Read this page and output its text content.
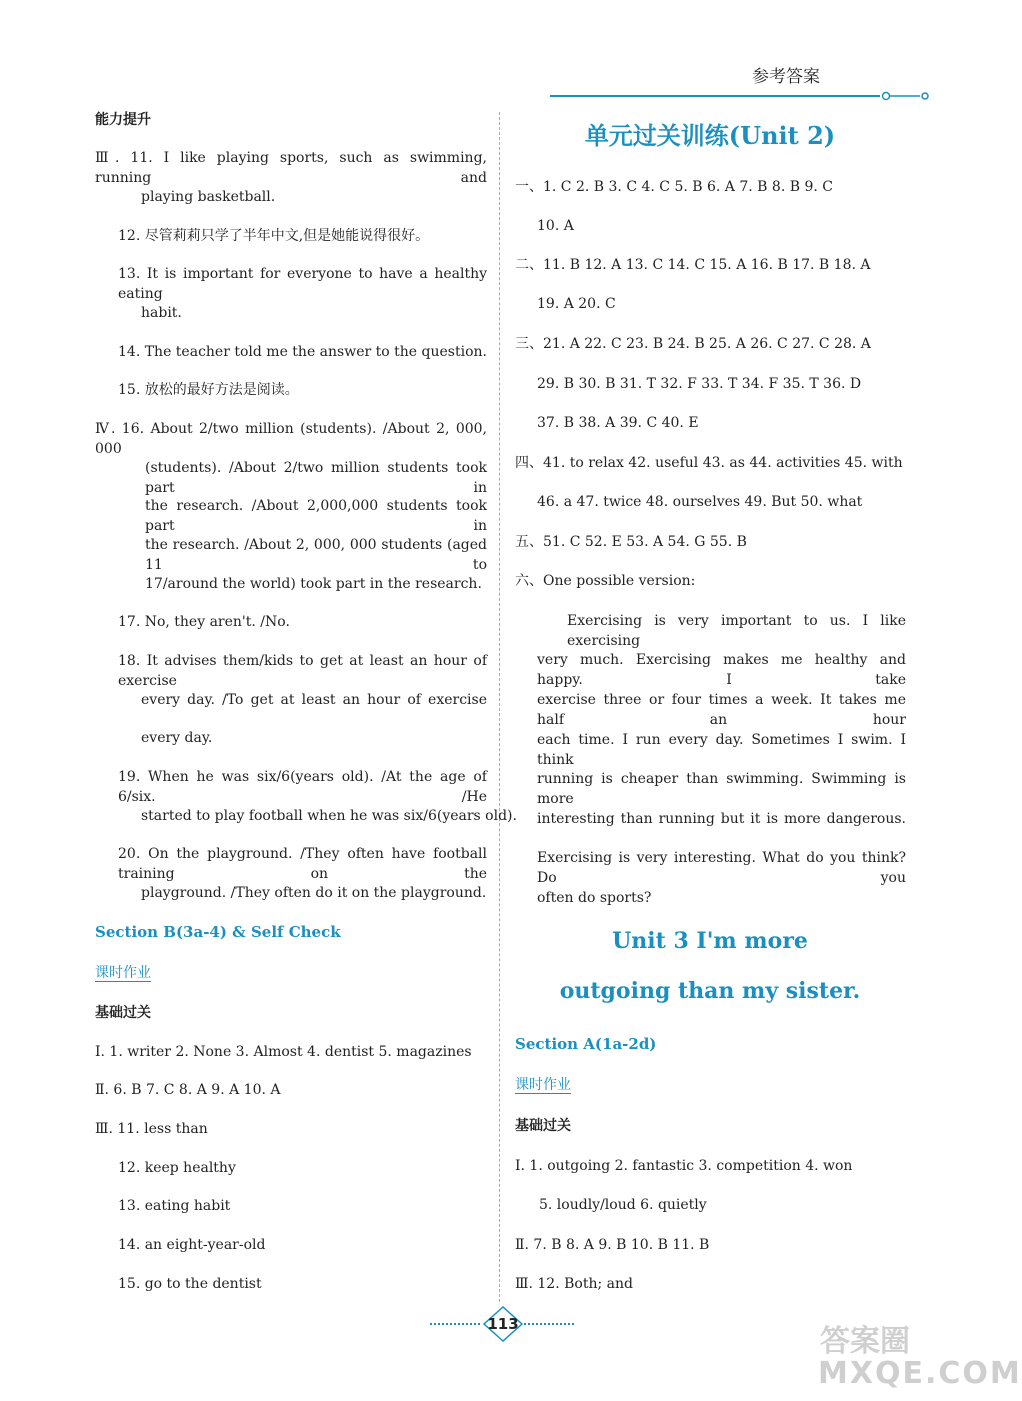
参考答案
能力提升
Ⅲ. 11. I like playing sports, such as swimming, running and
playing basketball.
12. 尽管莉莉只学了半年中文,但是她能说得很好。
13. It is important for everyone to have a healthy eating
habit.
14. The teacher told me the answer to the question.
15. 放松的最好方法是阅读。
Ⅳ. 16. About 2/two million (students). /About 2, 000, 000
(students). /About 2/two million students took part in
the research. /About 2,000,000 students took part in
the research. /About 2, 000, 000 students (aged 11 to
17/around the world) took part in the research.
17. No, they aren't. /No.
18. It advises them/kids to get at least an hour of exercise
every day. /To get at least an hour of exercise
every day.
19. When he was six/6(years old). /At the age of 6/six. /He
started to play football when he was six/6(years old).
20. On the playground. /They often have football training on the
playground. /They often do it on the playground.
Section B(3a-4) & Self Check
课时作业
基础过关
Ⅰ. 1. writer 2. None 3. Almost 4. dentist 5. magazines
Ⅱ. 6. B 7. C 8. A 9. A 10. A
Ⅲ. 11. less than
12. keep healthy
13. eating habit
14. an eight-year-old
15. go to the dentist
单元过关训练(Unit 2)
一、1. C 2. B 3. C 4. C 5. B 6. A 7. B 8. B 9. C
10. A
二、11. B 12. A 13. C 14. C 15. A 16. B 17. B 18. A
19. A 20. C
三、21. A 22. C 23. B 24. B 25. A 26. C 27. C 28. A
29. B 30. B 31. T 32. F 33. T 34. F 35. T 36. D
37. B 38. A 39. C 40. E
四、41. to relax 42. useful 43. as 44. activities 45. with
46. a 47. twice 48. ourselves 49. But 50. what
五、51. C 52. E 53. A 54. G 55. B
六、One possible version:
Exercising is very important to us. I like exercising
very much. Exercising makes me healthy and happy. I take
exercise three or four times a week. It takes me half an hour
each time. I run every day. Sometimes I swim. I think
running is cheaper than swimming. Swimming is more
interesting than running but it is more dangerous.
Exercising is very interesting. What do you think? Do you
often do sports?
Unit 3 I'm more
outgoing than my sister.
Section A(1a-2d)
课时作业
基础过关
Ⅰ. 1. outgoing 2. fantastic 3. competition 4. won
5. loudly/loud 6. quietly
Ⅱ. 7. B 8. A 9. B 10. B 11. B
Ⅲ. 12. Both; and
113	答案圈
MXQE.COM
